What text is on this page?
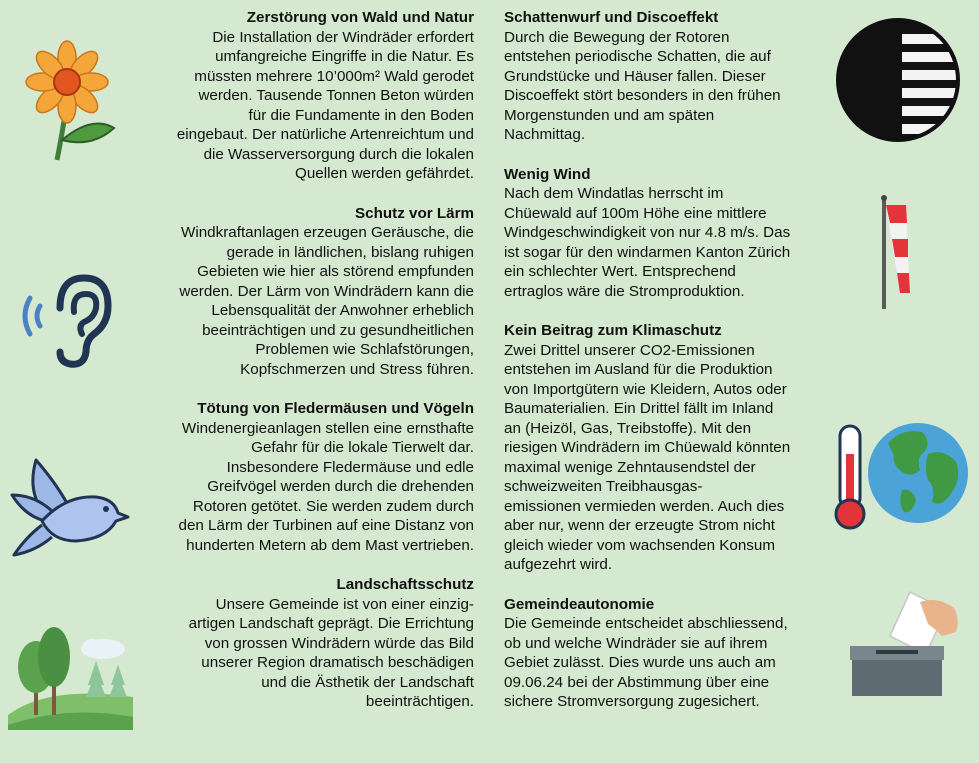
Zerstörung von Wald und Natur

Die Installation der Windräder erfordert
umfangreiche Eingriffe in die Natur. Es
müssten mehrere 10’000m² Wald gerodet
werden. Tausende Tonnen Beton würden
für die Fundamente in den Boden
eingebaut. Der natürliche Artenreichtum und
die Wasserversorgung durch die lokalen
Quellen werden gefährdet.

Schutz vor Lärm

Windkraftanlagen erzeugen Geräusche, die
gerade in ländlichen, bislang ruhigen
Gebieten wie hier als störend empfunden
werden. Der Lärm von Windrädern kann die
Lebensqualität der Anwohner erheblich
beeinträchtigen und zu gesundheitlichen
Problemen wie Schlafstörungen,
Kopfschmerzen und Stress führen.

Tötung von Fledermäusen und Vögeln

Windenergieanlagen stellen eine ernsthafte
Gefahr für die lokale Tierwelt dar.
Insbesondere Fledermäuse und edle
Greifvögel werden durch die drehenden
Rotoren getötet. Sie werden zudem durch
den Lärm der Turbinen auf eine Distanz von
hunderten Metern ab dem Mast vertrieben.

Landschaftsschutz

Unsere Gemeinde ist von einer einzig-
artigen Landschaft geprägt. Die Errichtung
von grossen Windrädern würde das Bild
unserer Region dramatisch beschädigen
und die Ästhetik der Landschaft
beeinträchtigen.

Schattenwurf und Discoeffekt

Durch die Bewegung der Rotoren
entstehen periodische Schatten, die auf
Grundstücke und Häuser fallen. Dieser
Discoeffekt stört besonders in den frühen
Morgenstunden und am späten
Nachmittag.

Wenig Wind

Nach dem Windatlas herrscht im
Chüewald auf 100m Höhe eine mittlere
Windgeschwindigkeit von nur 4.8 m/s. Das
ist sogar für den windarmen Kanton Zürich
ein schlechter Wert. Entsprechend
ertraglos wäre die Stromproduktion.

Kein Beitrag zum Klimaschutz

Zwei Drittel unserer CO2-Emissionen
entstehen im Ausland für die Produktion
von Importgütern wie Kleidern, Autos oder
Baumaterialien. Ein Drittel fällt im Inland
an (Heizöl, Gas, Treibstoffe). Mit den
riesigen Windrädern im Chüewald könnten
maximal wenige Zehntausendstel der
schweizweiten Treibhausgas-
emissionen vermieden werden. Auch dies
aber nur, wenn der erzeugte Strom nicht
gleich wieder vom wachsenden Konsum
aufgezehrt wird.

Gemeindeautonomie

Die Gemeinde entscheidet abschliessend,
ob und welche Windräder sie auf ihrem
Gebiet zulässt. Dies wurde uns auch am
09.06.24 bei der Abstimmung über eine
sichere Stromversorgung zugesichert.
